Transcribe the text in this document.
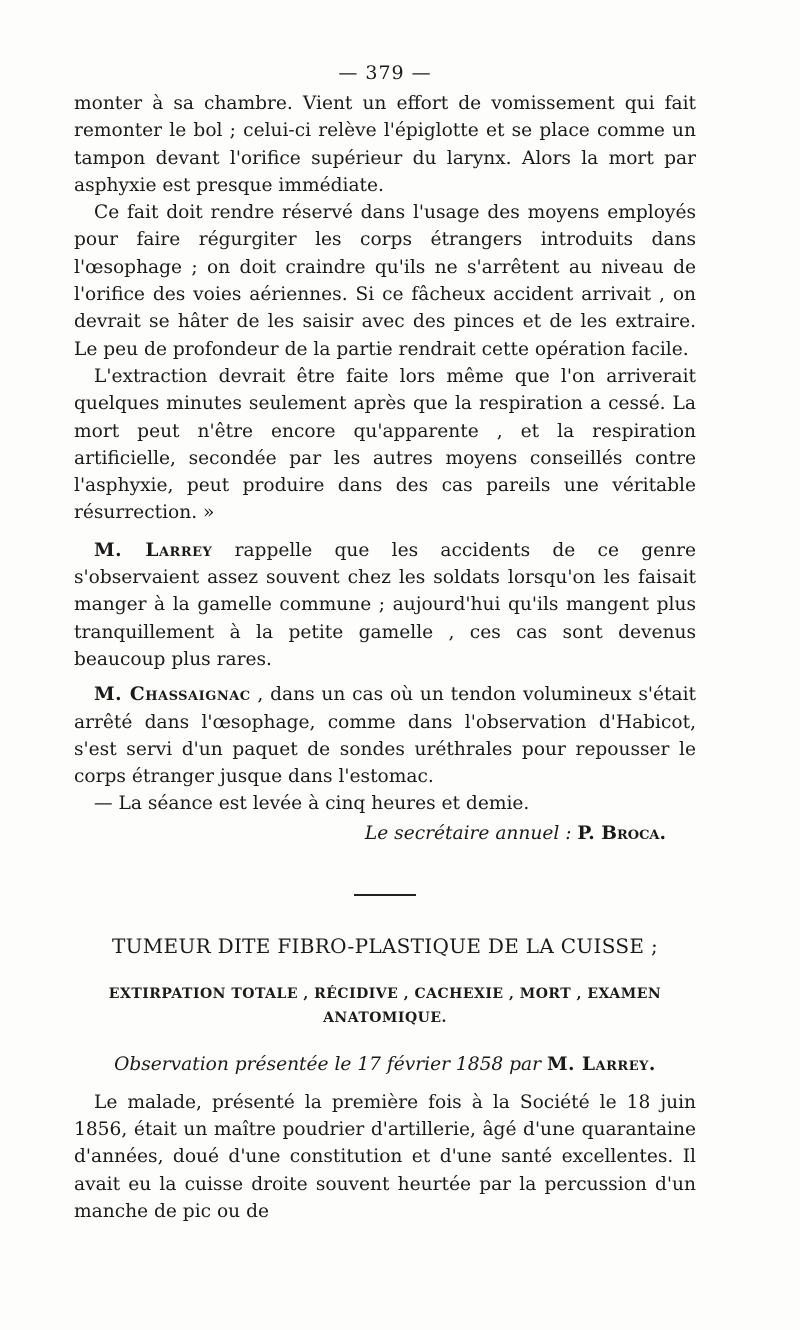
— 379 —

monter à sa chambre. Vient un effort de vomissement qui fait remonter le bol ; celui-ci relève l'épiglotte et se place comme un tampon devant l'orifice supérieur du larynx. Alors la mort par asphyxie est presque immédiate.

Ce fait doit rendre réservé dans l'usage des moyens employés pour faire régurgiter les corps étrangers introduits dans l'œsophage ; on doit craindre qu'ils ne s'arrêtent au niveau de l'orifice des voies aériennes. Si ce fâcheux accident arrivait , on devrait se hâter de les saisir avec des pinces et de les extraire. Le peu de profondeur de la partie rendrait cette opération facile.

L'extraction devrait être faite lors même que l'on arriverait quelques minutes seulement après que la respiration a cessé. La mort peut n'être encore qu'apparente , et la respiration artificielle, secondée par les autres moyens conseillés contre l'asphyxie, peut produire dans des cas pareils une véritable résurrection. »

M. Larrey rappelle que les accidents de ce genre s'observaient assez souvent chez les soldats lorsqu'on les faisait manger à la gamelle commune ; aujourd'hui qu'ils mangent plus tranquillement à la petite gamelle , ces cas sont devenus beaucoup plus rares.

M. Chassaignac , dans un cas où un tendon volumineux s'était arrêté dans l'œsophage, comme dans l'observation d'Habicot, s'est servi d'un paquet de sondes uréthrales pour repousser le corps étranger jusque dans l'estomac.

— La séance est levée à cinq heures et demie.

Le secrétaire annuel : P. Broca.
TUMEUR DITE FIBRO-PLASTIQUE DE LA CUISSE ;
EXTIRPATION TOTALE , RÉCIDIVE , CACHEXIE , MORT , EXAMEN ANATOMIQUE.
Observation présentée le 17 février 1858 par M. Larrey.

Le malade, présenté la première fois à la Société le 18 juin 1856, était un maître poudrier d'artillerie, âgé d'une quarantaine d'années, doué d'une constitution et d'une santé excellentes. Il avait eu la cuisse droite souvent heurtée par la percussion d'un manche de pic ou de
